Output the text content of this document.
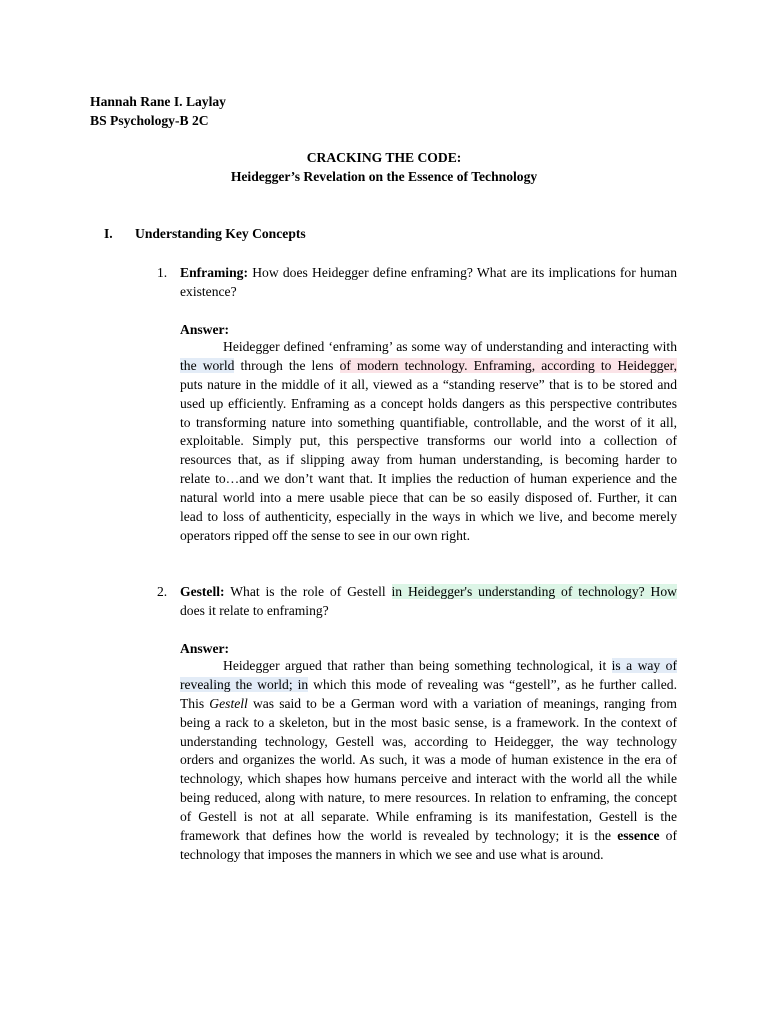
Hannah Rane I. Laylay
BS Psychology-B 2C
CRACKING THE CODE:
Heidegger’s Revelation on the Essence of Technology
I. Understanding Key Concepts
1. Enframing: How does Heidegger define enframing? What are its implications for human
existence?
Answer:
Heidegger defined ‘enframing’ as some way of understanding and interacting with
the world through the lens of modern technology. Enframing, according to Heidegger,
puts nature in the middle of it all, viewed as a “standing reserve” that is to be stored and
used up efficiently. Enframing as a concept holds dangers as this perspective contributes
to transforming nature into something quantifiable, controllable, and the worst of it all,
exploitable. Simply put, this perspective transforms our world into a collection of
resources that, as if slipping away from human understanding, is becoming harder to
relate to…and we don’t want that. It implies the reduction of human experience and the
natural world into a mere usable piece that can be so easily disposed of. Further, it can
lead to loss of authenticity, especially in the ways in which we live, and become merely
operators ripped off the sense to see in our own right.
2. Gestell: What is the role of Gestell in Heidegger's understanding of technology? How
does it relate to enframing?
Answer:
Heidegger argued that rather than being something technological, it is a way of
revealing the world; in which this mode of revealing was “gestell”, as he further called.
This Gestell was said to be a German word with a variation of meanings, ranging from
being a rack to a skeleton, but in the most basic sense, is a framework. In the context of
understanding technology, Gestell was, according to Heidegger, the way technology
orders and organizes the world. As such, it was a mode of human existence in the era of
technology, which shapes how humans perceive and interact with the world all the while
being reduced, along with nature, to mere resources. In relation to enframing, the concept
of Gestell is not at all separate. While enframing is its manifestation, Gestell is the
framework that defines how the world is revealed by technology; it is the essence of
technology that imposes the manners in which we see and use what is around.
